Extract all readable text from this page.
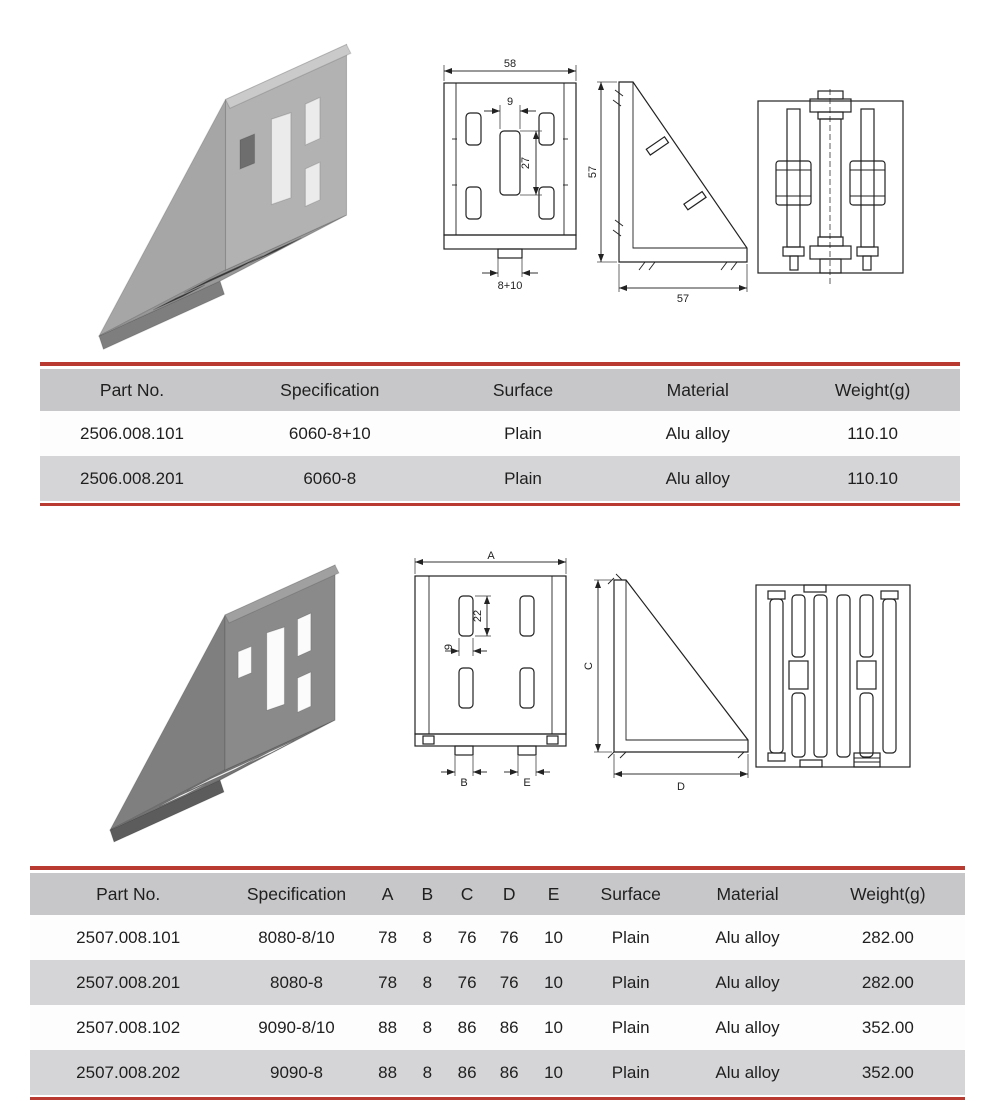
58
9
27
8+10
57
57
Part No.	Specification	Surface	Material	Weight(g)
2506.008.101	6060-8+10	Plain	Alu alloy	110.10
2506.008.201	6060-8	Plain	Alu alloy	110.10
A
22
9
B	E
C
D
Part No.	Specification	A	B	C	D	E	Surface	Material	Weight(g)
2507.008.101	8080-8/10	78	8	76	76	10	Plain	Alu alloy	282.00
2507.008.201	8080-8	78	8	76	76	10	Plain	Alu alloy	282.00
2507.008.102	9090-8/10	88	8	86	86	10	Plain	Alu alloy	352.00
2507.008.202	9090-8	88	8	86	86	10	Plain	Alu alloy	352.00
